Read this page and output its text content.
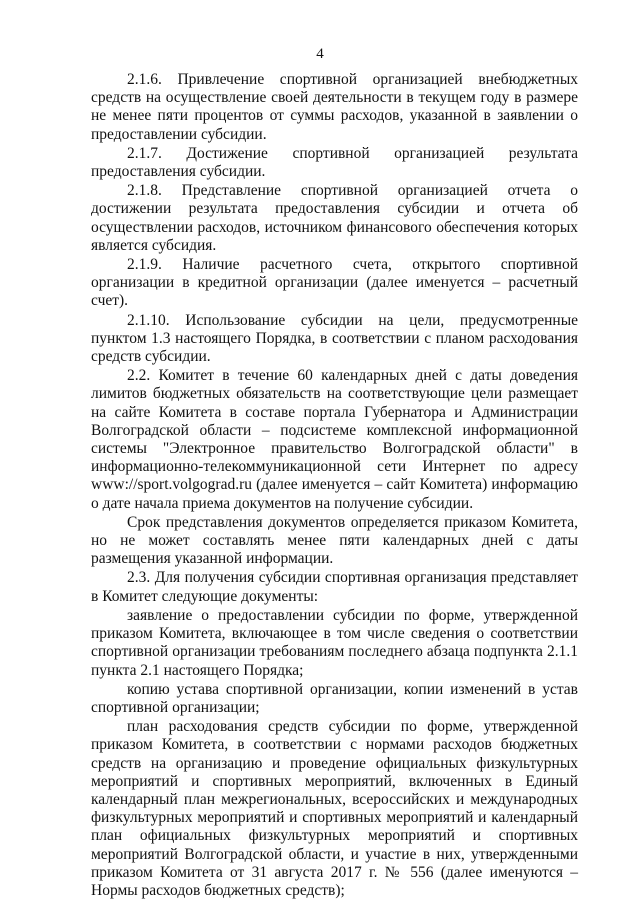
4

2.1.6. Привлечение спортивной организацией внебюджетных средств на осуществление своей деятельности в текущем году в размере не менее пяти процентов от суммы расходов, указанной в заявлении о предоставлении субсидии.

2.1.7. Достижение спортивной организацией результата предоставления субсидии.

2.1.8. Представление спортивной организацией отчета о достижении результата предоставления субсидии и отчета об осуществлении расходов, источником финансового обеспечения которых является субсидия.

2.1.9. Наличие расчетного счета, открытого спортивной организации в кредитной организации (далее именуется – расчетный счет).

2.1.10. Использование субсидии на цели, предусмотренные пунктом 1.3 настоящего Порядка, в соответствии с планом расходования средств субсидии.

2.2. Комитет в течение 60 календарных дней с даты доведения лимитов бюджетных обязательств на соответствующие цели размещает на сайте Комитета в составе портала Губернатора и Администрации Волгоградской области – подсистеме комплексной информационной системы "Электронное правительство Волгоградской области" в информационно-телекоммуникационной сети Интернет по адресу www://sport.volgograd.ru (далее именуется – сайт Комитета) информацию о дате начала приема документов на получение субсидии.

Срок представления документов определяется приказом Комитета, но не может составлять менее пяти календарных дней с даты размещения указанной информации.

2.3. Для получения субсидии спортивная организация представляет в Комитет следующие документы:

заявление о предоставлении субсидии по форме, утвержденной приказом Комитета, включающее в том числе сведения о соответствии спортивной организации требованиям последнего абзаца подпункта 2.1.1 пункта 2.1 настоящего Порядка;

копию устава спортивной организации, копии изменений в устав спортивной организации;

план расходования средств субсидии по форме, утвержденной приказом Комитета, в соответствии с нормами расходов бюджетных средств на организацию и проведение официальных физкультурных мероприятий и спортивных мероприятий, включенных в Единый календарный план межрегиональных, всероссийских и международных физкультурных мероприятий и спортивных мероприятий и календарный план официальных физкультурных мероприятий и спортивных мероприятий Волгоградской области, и участие в них, утвержденными приказом Комитета от 31 августа 2017 г. № 556 (далее именуются – Нормы расходов бюджетных средств);
